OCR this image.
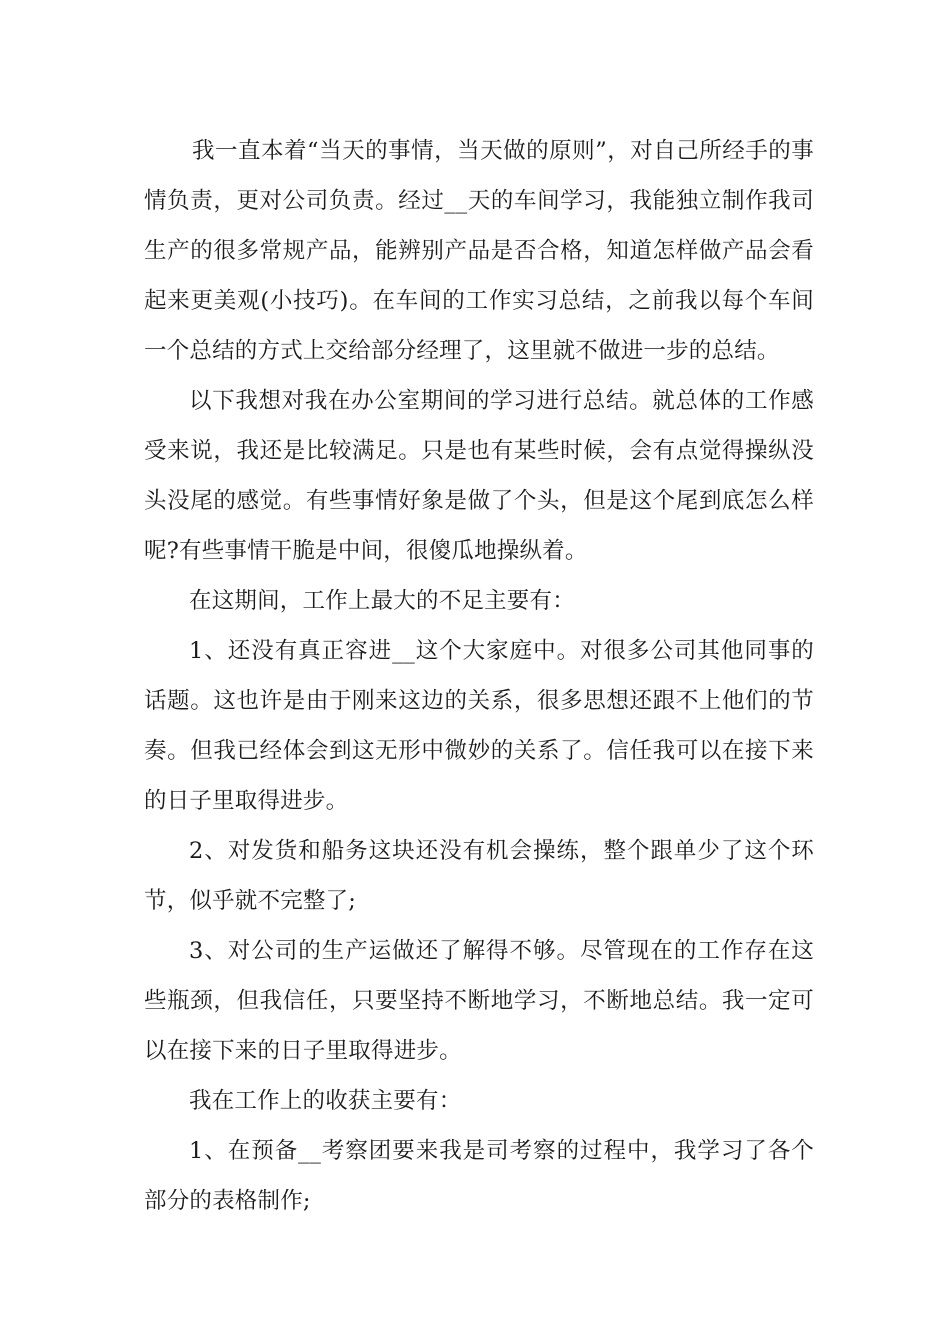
我一直本着“当天的事情，当天做的原则”，对自己所经手的事情负责，更对公司负责。经过__天的车间学习，我能独立制作我司生产的很多常规产品，能辨别产品是否合格，知道怎样做产品会看起来更美观(小技巧)。在车间的工作实习总结，之前我以每个车间一个总结的方式上交给部分经理了，这里就不做进一步的总结。

以下我想对我在办公室期间的学习进行总结。就总体的工作感受来说，我还是比较满足。只是也有某些时候，会有点觉得操纵没头没尾的感觉。有些事情好象是做了个头，但是这个尾到底怎么样呢?有些事情干脆是中间，很傻瓜地操纵着。

在这期间，工作上最大的不足主要有：

1、还没有真正容进__这个大家庭中。对很多公司其他同事的话题。这也许是由于刚来这边的关系，很多思想还跟不上他们的节奏。但我已经体会到这无形中微妙的关系了。信任我可以在接下来的日子里取得进步。

2、对发货和船务这块还没有机会操练，整个跟单少了这个环节，似乎就不完整了;

3、对公司的生产运做还了解得不够。尽管现在的工作存在这些瓶颈，但我信任，只要坚持不断地学习，不断地总结。我一定可以在接下来的日子里取得进步。

我在工作上的收获主要有：

1、在预备__考察团要来我是司考察的过程中，我学习了各个部分的表格制作;
